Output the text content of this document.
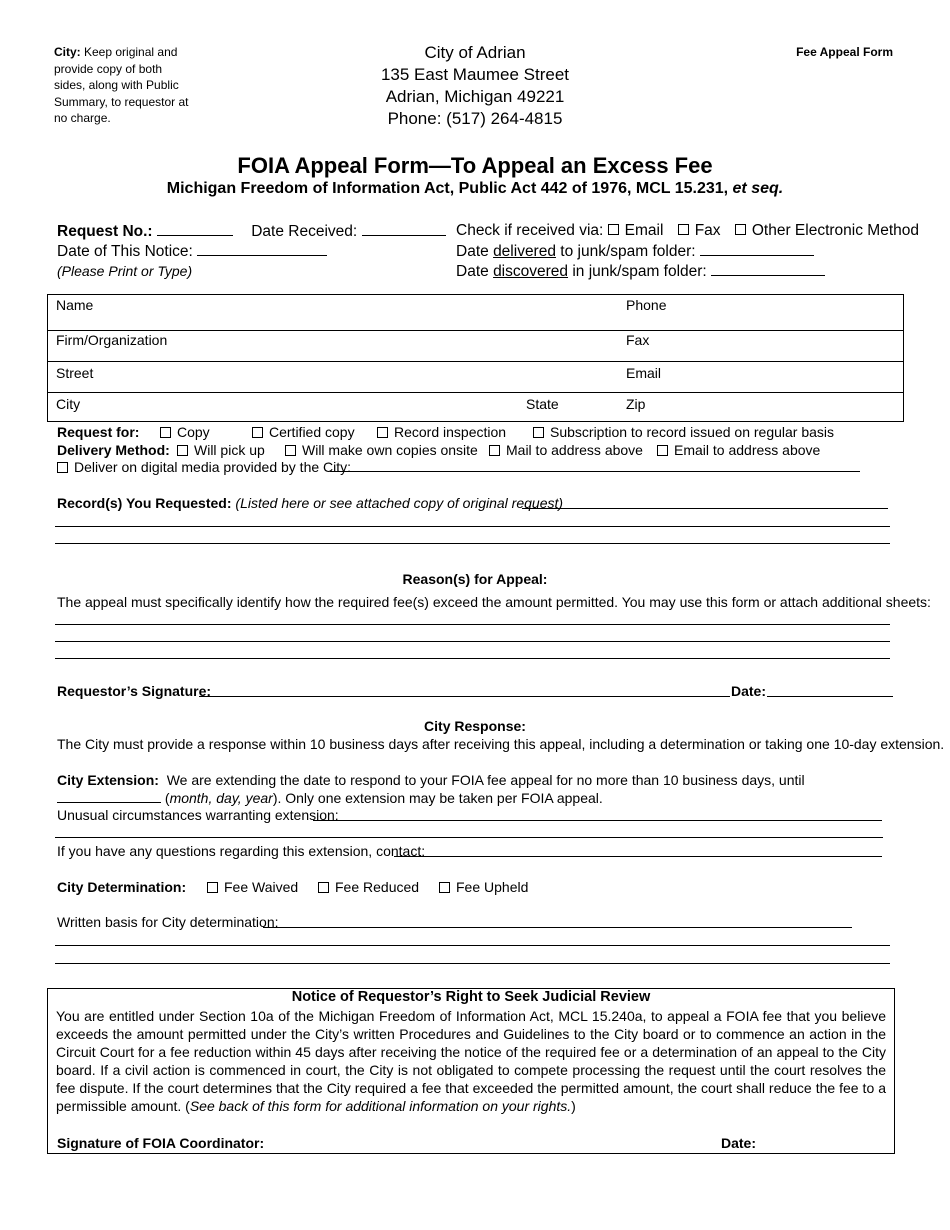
City: Keep original and provide copy of both sides, along with Public Summary, to requestor at no charge.
City of Adrian
135 East Maumee Street
Adrian, Michigan 49221
Phone: (517) 264-4815
Fee Appeal Form
FOIA Appeal Form—To Appeal an Excess Fee
Michigan Freedom of Information Act, Public Act 442 of 1976, MCL 15.231, et seq.
Request No.:	Date Received:
Date of This Notice:
(Please Print or Type)
Check if received via: Email Fax Other Electronic Method
Date delivered to junk/spam folder:
Date discovered in junk/spam folder:
Name	Phone
Firm/Organization	Fax
Street	Email
City	State	Zip
Request for:	Copy	Certified copy	Record inspection	Subscription to record issued on regular basis
Delivery Method:	Will pick up	Will make own copies onsite	Mail to address above	Email to address above
Deliver on digital media provided by the City:
Record(s) You Requested: (Listed here or see attached copy of original request)
Reason(s) for Appeal:
The appeal must specifically identify how the required fee(s) exceed the amount permitted. You may use this form or attach additional sheets:
Requestor’s Signature:	Date:
City Response:
The City must provide a response within 10 business days after receiving this appeal, including a determination or taking one 10-day extension.
City Extension: We are extending the date to respond to your FOIA fee appeal for no more than 10 business days, until  (month, day, year). Only one extension may be taken per FOIA appeal.
Unusual circumstances warranting extension:
If you have any questions regarding this extension, contact:
City Determination:	Fee Waived	Fee Reduced	Fee Upheld
Written basis for City determination:
Notice of Requestor’s Right to Seek Judicial Review
You are entitled under Section 10a of the Michigan Freedom of Information Act, MCL 15.240a, to appeal a FOIA fee that you believe exceeds the amount permitted under the City’s written Procedures and Guidelines to the City board or to commence an action in the Circuit Court for a fee reduction within 45 days after receiving the notice of the required fee or a determination of an appeal to the City board. If a civil action is commenced in court, the City is not obligated to compete processing the request until the court resolves the fee dispute. If the court determines that the City required a fee that exceeded the permitted amount, the court shall reduce the fee to a permissible amount. (See back of this form for additional information on your rights.)
Signature of FOIA Coordinator:	Date:
